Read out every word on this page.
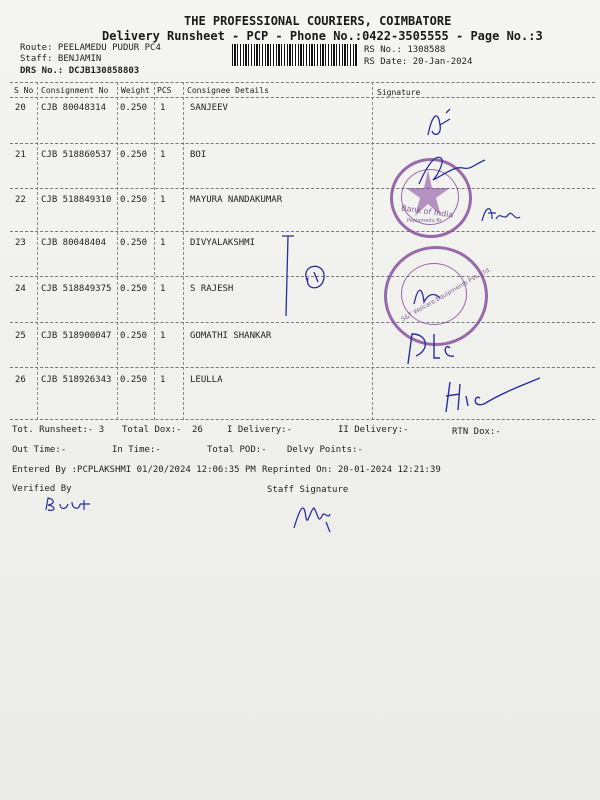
THE PROFESSIONAL COURIERS, COIMBATORE
Delivery Runsheet - PCP - Phone No.:0422-3505555 - Page No.:3
Route: PEELAMEDU PUDUR PC4
Staff: BENJAMIN
DRS No.: DCJB130858803
RS No.: 1308588
RS Date: 20-Jan-2024
S No Consignment No Weight PCS Consignee Details	Signature
20 CJB 80048314 0.250 1	SANJEEV
21 CJB 518860537 0.250 1	BOI
22 CJB 518849310 0.250 1	MAYURA NANDAKUMAR
23 CJB 80048404 0.250 1	DIVYALAKSHMI
24 CJB 518849375 0.250 1	S RAJESH
25 CJB 518900047 0.250 1	GOMATHI SHANKAR
26 CJB 518926343 0.250 1	LEULLA
Tot. Runsheet:- 3 Total Dox:- 26	I Delivery:-	II Delivery:-	RTN Dox:-
Out Time:-	In Time:-	Total POD:- Delvy Points:-
Entered By :PCPLAKSHMI 01/20/2024 12:06:35 PM Reprinted On: 20-01-2024 12:21:39
Verified By	Staff Signature
Bank of India
Peelamedu Br.
S&T Welcare Equipments Pvt. Ltd.
